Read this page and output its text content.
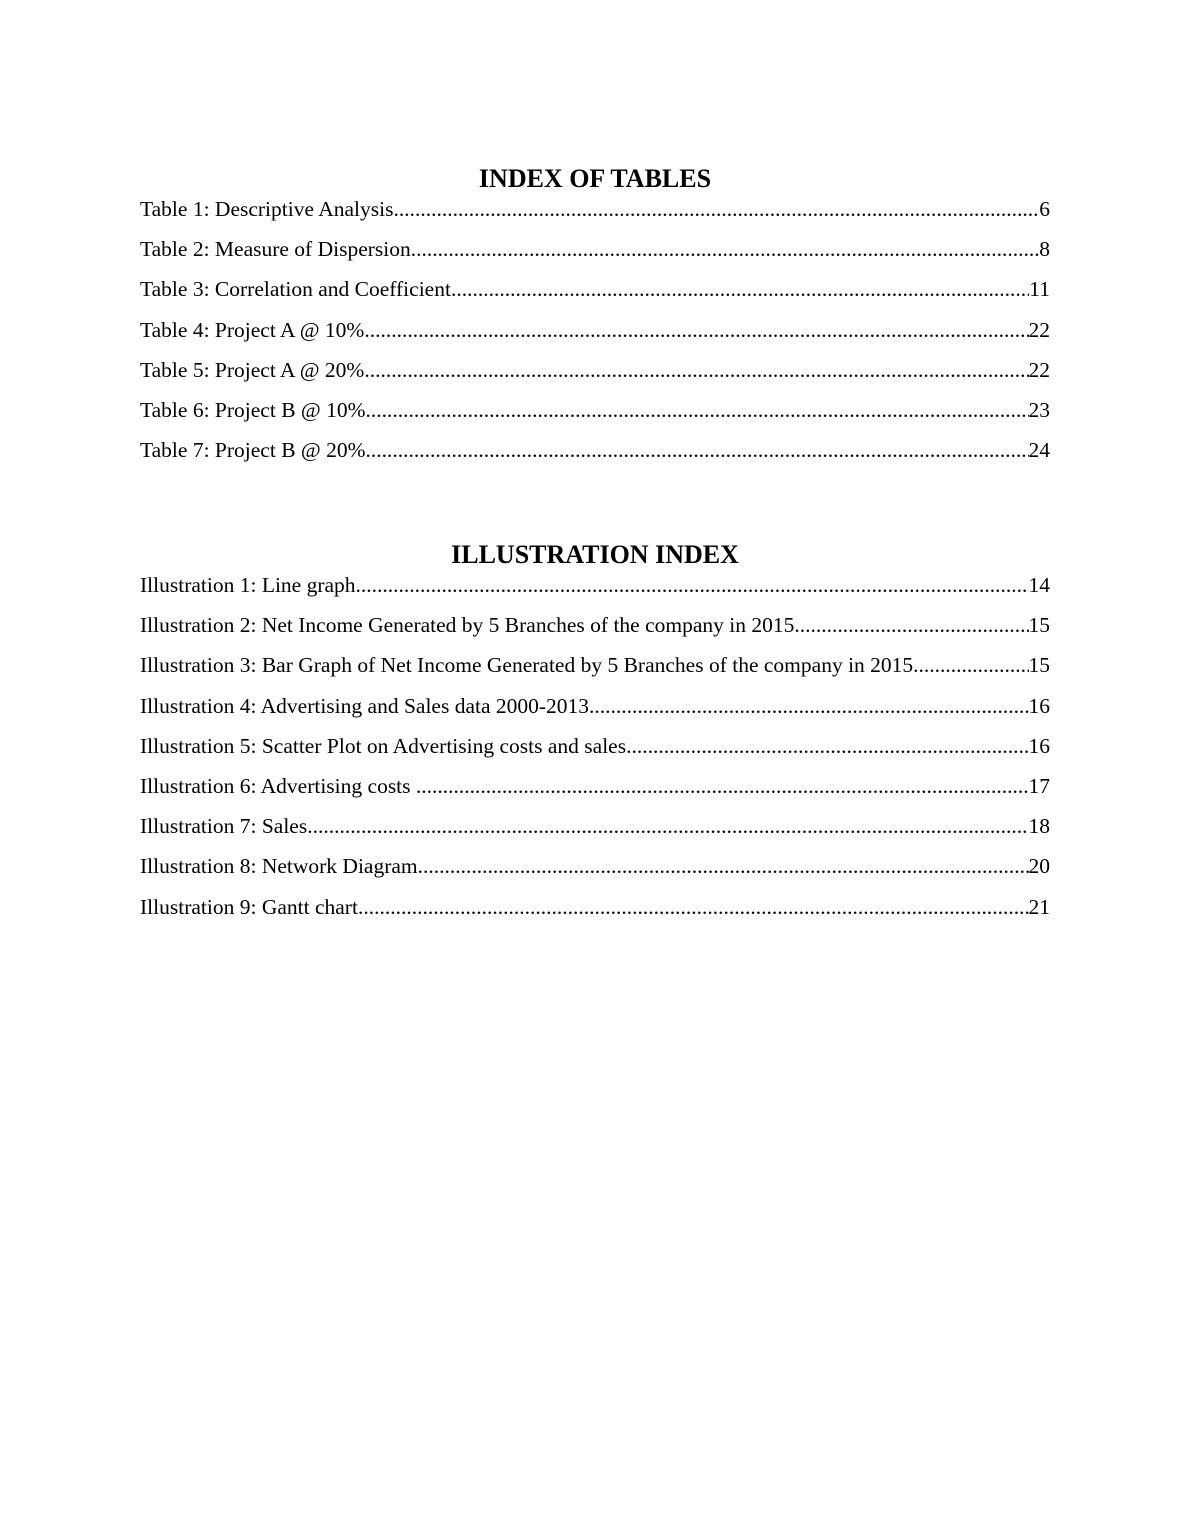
INDEX OF TABLES
Table 1: Descriptive Analysis .....	6
Table 2: Measure of Dispersion .....	8
Table 3: Correlation and Coefficient .....	11
Table 4: Project A @ 10% .....	22
Table 5: Project A @ 20% .....	22
Table 6: Project B @ 10% .....	23
Table 7: Project B @ 20% .....	24
ILLUSTRATION INDEX
Illustration 1: Line graph .....	14
Illustration 2: Net Income Generated by 5 Branches of the company in 2015 .....	15
Illustration 3: Bar Graph of Net Income Generated by 5 Branches of the company in 2015 .....	15
Illustration 4: Advertising and Sales data 2000-2013 .....	16
Illustration 5: Scatter Plot on Advertising costs and sales .....	16
Illustration 6: Advertising costs .....	17
Illustration 7: Sales .....	18
Illustration 8: Network Diagram .....	20
Illustration 9: Gantt chart .....	21
